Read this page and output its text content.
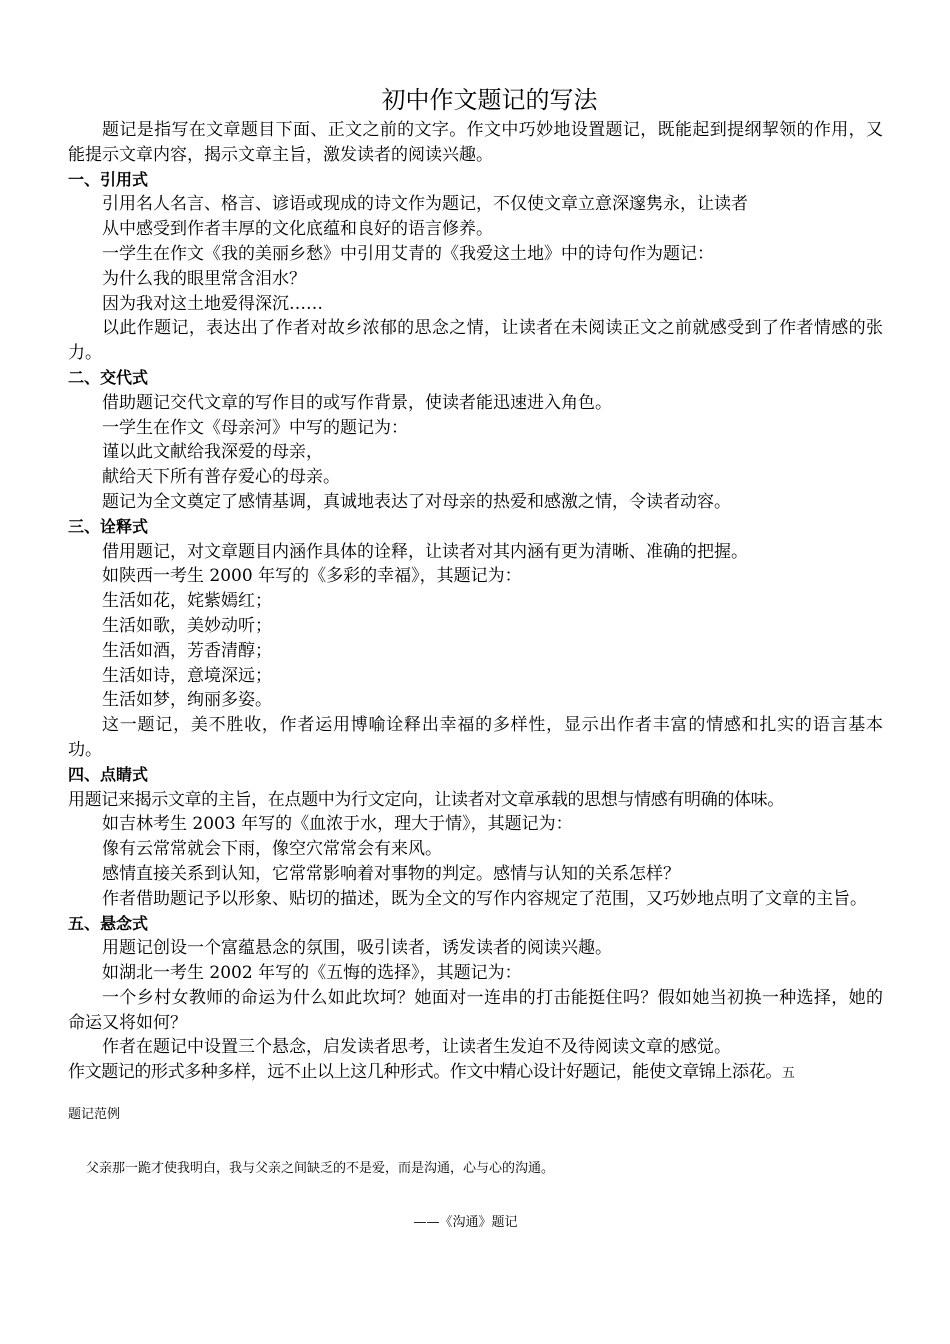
初中作文题记的写法

题记是指写在文章题目下面、正文之前的文字。作文中巧妙地设置题记，既能起到提纲挈领的作用，又能提示文章内容，揭示文章主旨，激发读者的阅读兴趣。

一、引用式

引用名人名言、格言、谚语或现成的诗文作为题记，不仅使文章立意深邃隽永，让读者

从中感受到作者丰厚的文化底蕴和良好的语言修养。

一学生在作文《我的美丽乡愁》中引用艾青的《我爱这土地》中的诗句作为题记：

为什么我的眼里常含泪水？

因为我对这土地爱得深沉……

以此作题记，表达出了作者对故乡浓郁的思念之情，让读者在未阅读正文之前就感受到了作者情感的张力。

二、交代式

借助题记交代文章的写作目的或写作背景，使读者能迅速进入角色。

一学生在作文《母亲河》中写的题记为：

谨以此文献给我深爱的母亲，

献给天下所有普存爱心的母亲。

题记为全文奠定了感情基调，真诚地表达了对母亲的热爱和感激之情，令读者动容。

三、诠释式

借用题记，对文章题目内涵作具体的诠释，让读者对其内涵有更为清晰、准确的把握。

如陕西一考生 2000 年写的《多彩的幸福》，其题记为：

生活如花，姹紫嫣红；

生活如歌，美妙动听；

生活如酒，芳香清醇；

生活如诗，意境深远；

生活如梦，绚丽多姿。

这一题记，美不胜收，作者运用博喻诠释出幸福的多样性，显示出作者丰富的情感和扎实的语言基本功。

四、点睛式

用题记来揭示文章的主旨，在点题中为行文定向，让读者对文章承载的思想与情感有明确的体味。

如吉林考生 2003 年写的《血浓于水，理大于情》，其题记为：

像有云常常就会下雨，像空穴常常会有来风。

感情直接关系到认知，它常常影响着对事物的判定。感情与认知的关系怎样？

作者借助题记予以形象、贴切的描述，既为全文的写作内容规定了范围，又巧妙地点明了文章的主旨。

五、悬念式

用题记创设一个富蕴悬念的氛围，吸引读者，诱发读者的阅读兴趣。

如湖北一考生 2002 年写的《五悔的选择》，其题记为：

一个乡村女教师的命运为什么如此坎坷？她面对一连串的打击能挺住吗？假如她当初换一种选择，她的命运又将如何？

作者在题记中设置三个悬念，启发读者思考，让读者生发迫不及待阅读文章的感觉。

作文题记的形式多种多样，远不止以上这几种形式。作文中精心设计好题记，能使文章锦上添花。五

题记范例

父亲那一跪才使我明白，我与父亲之间缺乏的不是爱，而是沟通，心与心的沟通。

——《沟通》题记
